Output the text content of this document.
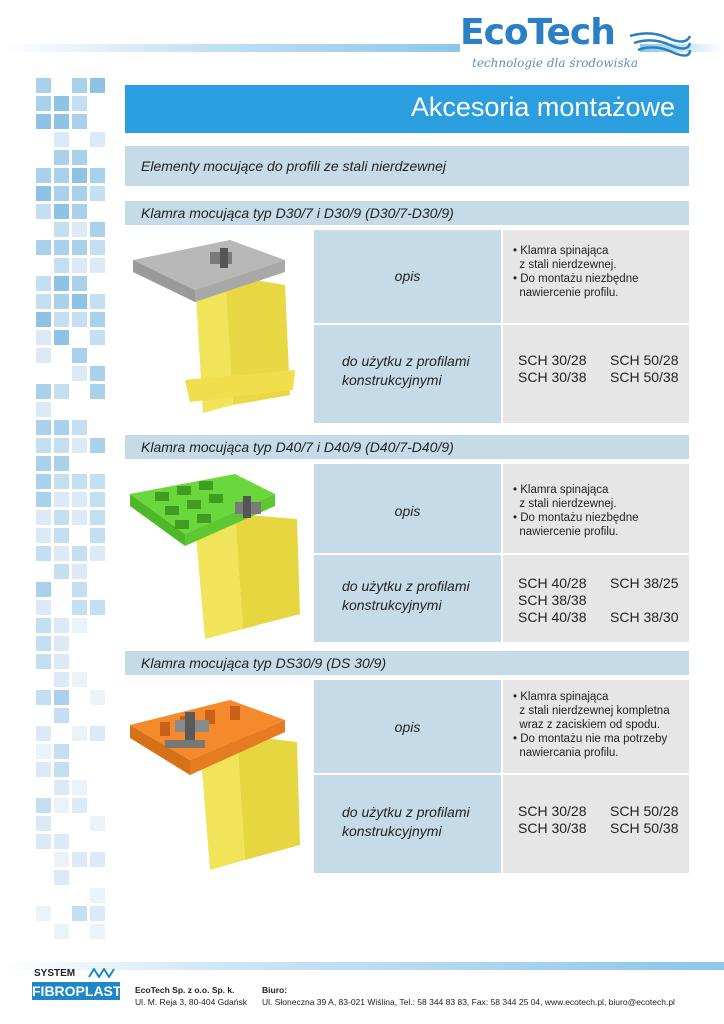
EcoTech
technologie dla środowiska
Akcesoria montażowe
Elementy mocujące do profili ze stali nierdzewnej
Klamra mocująca typ D30/7 i D30/9 (D30/7-D30/9)
opis
• Klamra spinająca
z stali nierdzewnej.
• Do montażu niezbędne
nawiercenie profilu.
do użytku z profilami
konstrukcyjnymi
SCH 30/28
SCH 30/38
SCH 50/28
SCH 50/38
Klamra mocująca typ D40/7 i D40/9 (D40/7-D40/9)
opis
• Klamra spinająca
z stali nierdzewnej.
• Do montażu niezbędne
nawiercenie profilu.
do użytku z profilami
konstrukcyjnymi
SCH 40/28
SCH 38/38
SCH 40/38
SCH 38/25
SCH 38/30
Klamra mocująca typ DS30/9 (DS 30/9)
opis
• Klamra spinająca
z stali nierdzewnej kompletna
wraz z zaciskiem od spodu.
• Do montażu nie ma potrzeby
nawiercania profilu.
do użytku z profilami
konstrukcyjnymi
SCH 30/28
SCH 30/38
SCH 50/28
SCH 50/38
SYSTEM
FIBROPLAST EcoTech Sp. z o.o. Sp. k.
Ul. M. Reja 3, 80-404 Gdańsk
Biuro:
Ul. Słoneczna 39 A, 83-021 Wiślina, Tel.: 58 344 83 83, Fax: 58 344 25 04, www.ecotech.pl, biuro@ecotech.pl
